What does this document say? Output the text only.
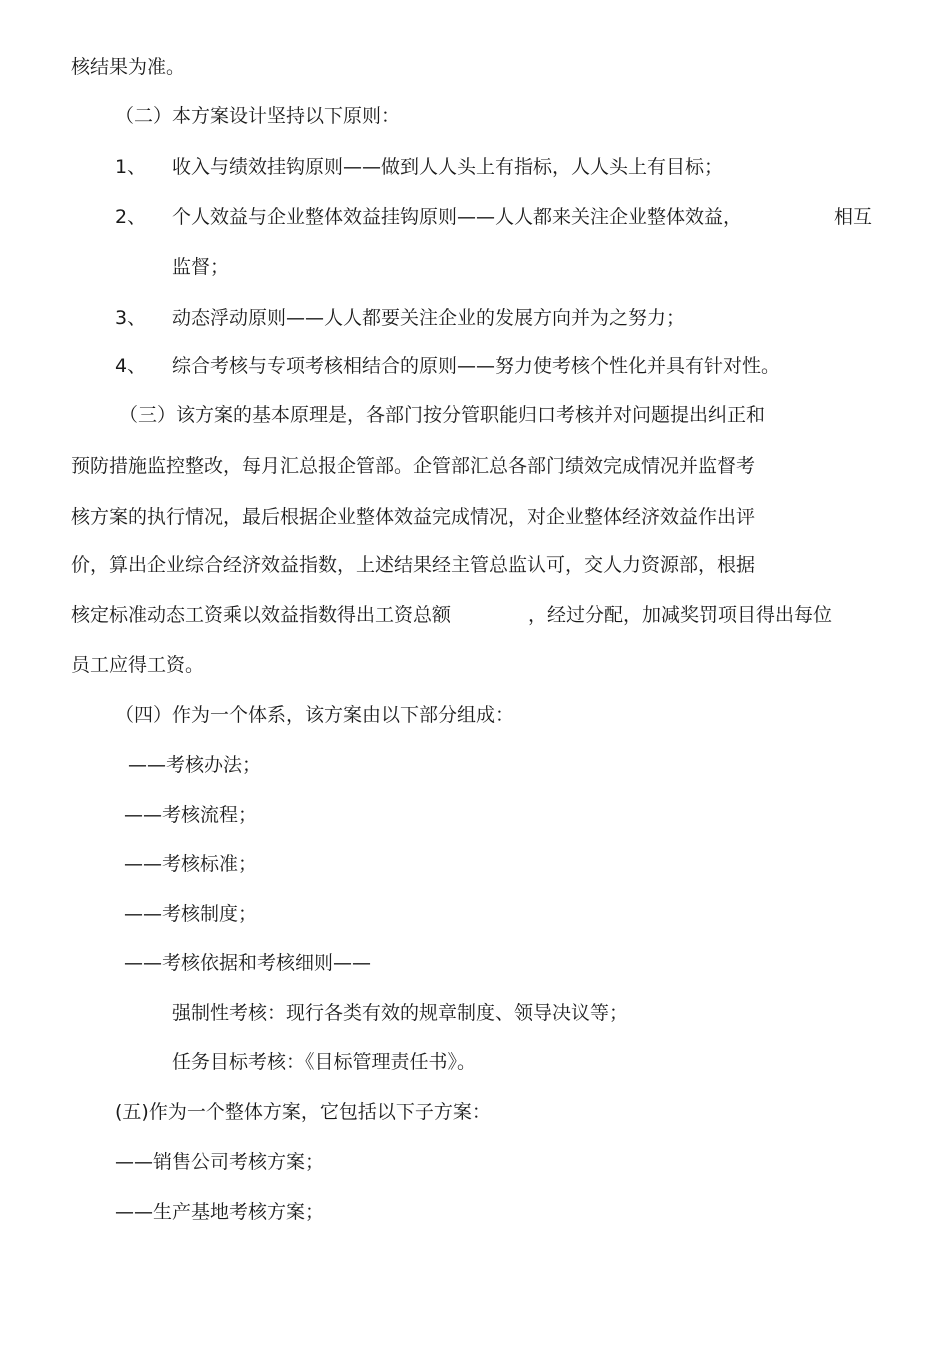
核结果为准。
（二）本方案设计坚持以下原则：
1、 收入与绩效挂钩原则——做到人人头上有指标，人人头上有目标；
2、 个人效益与企业整体效益挂钩原则——人人都来关注企业整体效益，	相互
监督；
3、 动态浮动原则——人人都要关注企业的发展方向并为之努力；
4、 综合考核与专项考核相结合的原则——努力使考核个性化并具有针对性。
（三）该方案的基本原理是，各部门按分管职能归口考核并对问题提出纠正和
预防措施监控整改，每月汇总报企管部。企管部汇总各部门绩效完成情况并监督考
核方案的执行情况，最后根据企业整体效益完成情况，对企业整体经济效益作出评
价，算出企业综合经济效益指数，上述结果经主管总监认可，交人力资源部，根据
核定标准动态工资乘以效益指数得出工资总额	，经过分配，加减奖罚项目得出每位
员工应得工资。
（四）作为一个体系，该方案由以下部分组成：
——考核办法；
——考核流程；
——考核标准；
——考核制度；
——考核依据和考核细则——
强制性考核：现行各类有效的规章制度、领导决议等；
任务目标考核：《目标管理责任书》。
(五)作为一个整体方案，它包括以下子方案：
——销售公司考核方案；
——生产基地考核方案；
